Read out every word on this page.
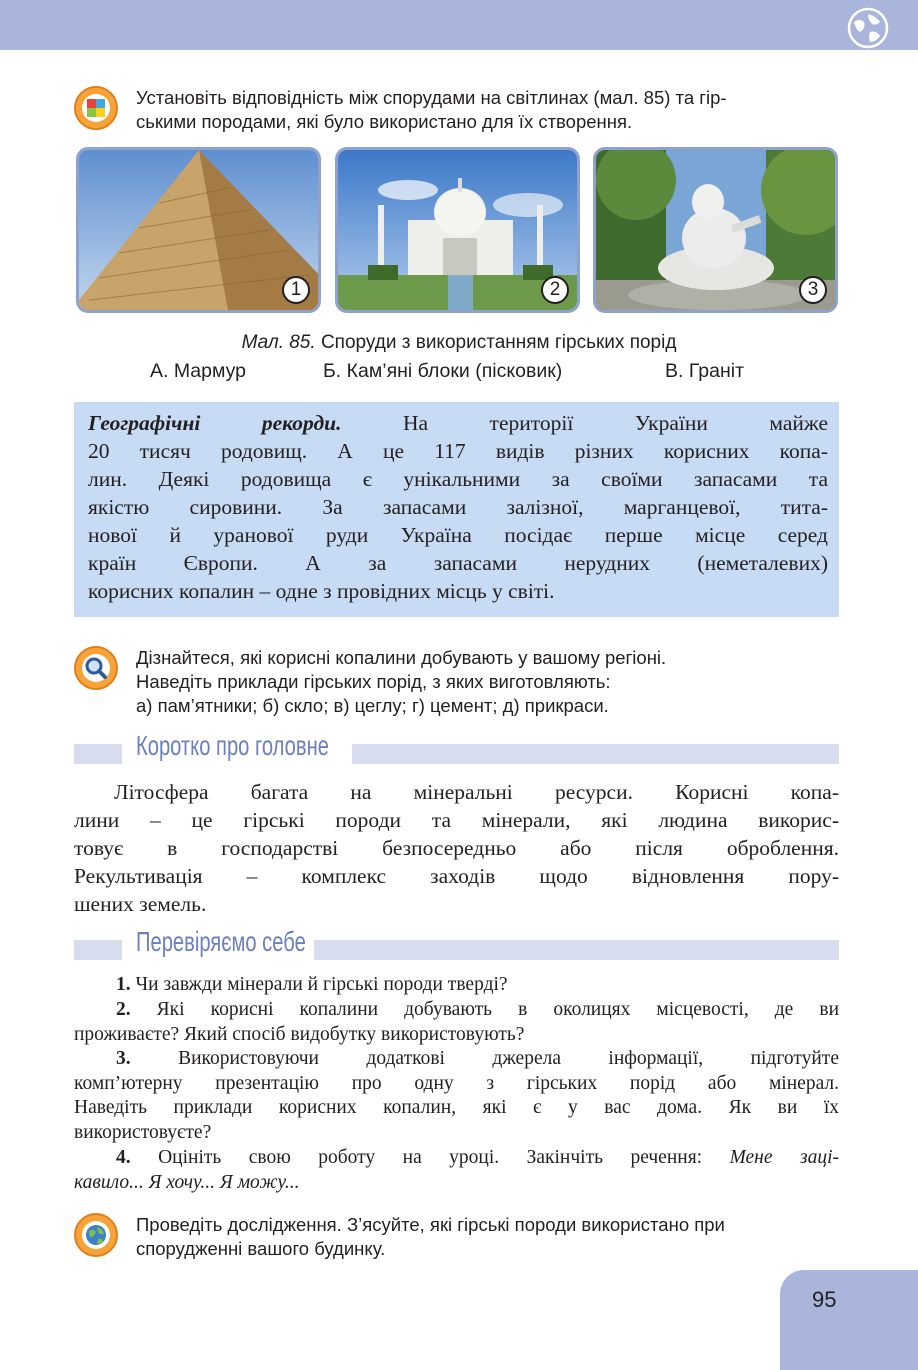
Установіть відповідність між спорудами на світлинах (мал. 85) та гір-
ськими породами, які було використано для їх створення.
1	2	3
Мал. 85. Споруди з використанням гірських порід
А. Мармур	Б. Кам’яні блоки (пісковик)	В. Граніт
Географічні рекорди. На території України майже
20 тисяч родовищ. А це 117 видів різних корисних копа-
лин. Деякі родовища є унікальними за своїми запасами та
якістю сировини. За запасами залізної, марганцевої, тита-
нової й уранової руди Україна посідає перше місце серед
країн Європи. А за запасами нерудних (неметалевих)
корисних копалин – одне з провідних місць у світі.
Дізнайтеся, які корисні копалини добувають у вашому регіоні.
Наведіть приклади гірських порід, з яких виготовляють:
а) пам’ятники; б) скло; в) цеглу; г) цемент; д) прикраси.
Коротко про головне
Літосфера багата на мінеральні ресурси. Корисні копа-
лини – це гірські породи та мінерали, які людина викорис-
товує в господарстві безпосередньо або після оброблення.
Рекультивація – комплекс заходів щодо відновлення пору-
шених земель.
Перевіряємо себе
1. Чи завжди мінерали й гірські породи тверді?
2. Які корисні копалини добувають в околицях місцевості, де ви
проживаєте? Який спосіб видобутку використовують?
3. Використовуючи додаткові джерела інформації, підготуйте
комп’ютерну презентацію про одну з гірських порід або мінерал.
Наведіть приклади корисних копалин, які є у вас дома. Як ви їх
використовуєте?
4. Оцініть свою роботу на уроці. Закінчіть речення: Мене заці-
кавило... Я хочу... Я можу...
Проведіть дослідження. З’ясуйте, які гірські породи використано при
спорудженні вашого будинку.
95
